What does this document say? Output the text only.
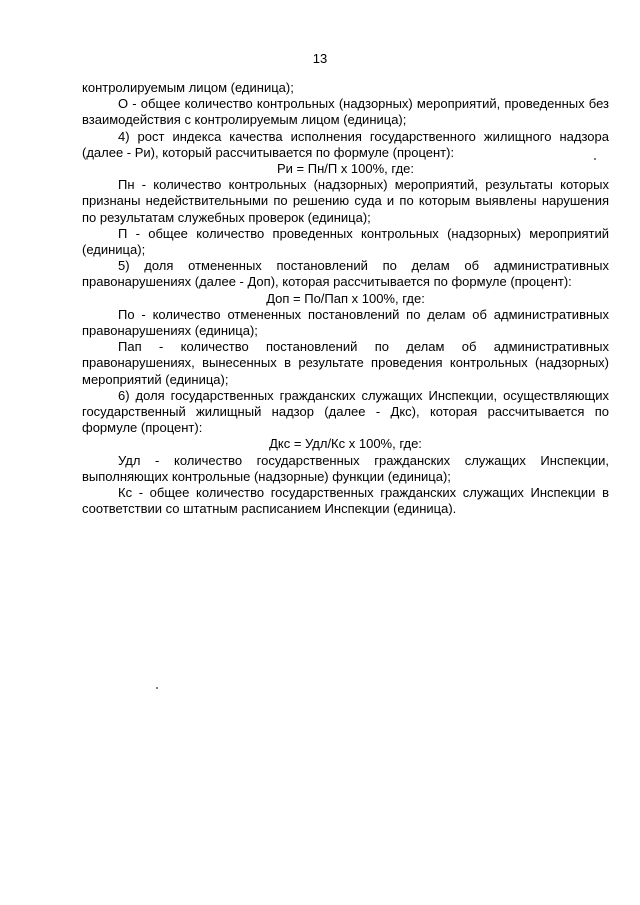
13

контролируемым лицом (единица);

О - общее количество контрольных (надзорных) мероприятий, проведенных без взаимодействия с контролируемым лицом (единица);

4) рост индекса качества исполнения государственного жилищного надзора (далее - Ри), который рассчитывается по формуле (процент):

Ри = Пн/П x 100%, где:

Пн - количество контрольных (надзорных) мероприятий, результаты которых признаны недействительными по решению суда и по которым выявлены нарушения по результатам служебных проверок (единица);

П - общее количество проведенных контрольных (надзорных) мероприятий (единица);

5) доля отмененных постановлений по делам об административных правонарушениях (далее - Доп), которая рассчитывается по формуле (процент):

Доп = По/Пап x 100%, где:

По - количество отмененных постановлений по делам об административных правонарушениях (единица);

Пап - количество постановлений по делам об административных правонарушениях, вынесенных в результате проведения контрольных (надзорных) мероприятий (единица);

6) доля государственных гражданских служащих Инспекции, осуществляющих государственный жилищный надзор (далее - Дкс), которая рассчитывается по формуле (процент):

Дкс = Удл/Кс x 100%, где:

Удл - количество государственных гражданских служащих Инспекции, выполняющих контрольные (надзорные) функции (единица);

Кс - общее количество государственных гражданских служащих Инспекции в соответствии со штатным расписанием Инспекции (единица).
